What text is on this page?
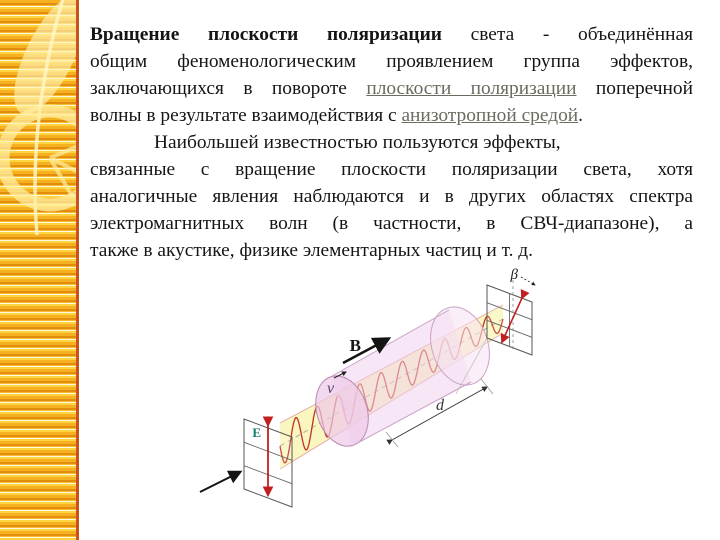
Вращение плоскости поляризации света - объединённая
общим феноменологическим проявлением группа эффектов,
заключающихся в повороте плоскости поляризации поперечной
волны в результате взаимодействия с анизотропной средой.
Наибольшей известностью пользуются эффекты,
связанные с вращение плоскости поляризации света, хотя
аналогичные явления наблюдаются и в других областях спектра
электромагнитных волн (в частности, в СВЧ-диапазоне), а
также в акустике, физике элементарных частиц и т. д.
B
v
d
E
β
